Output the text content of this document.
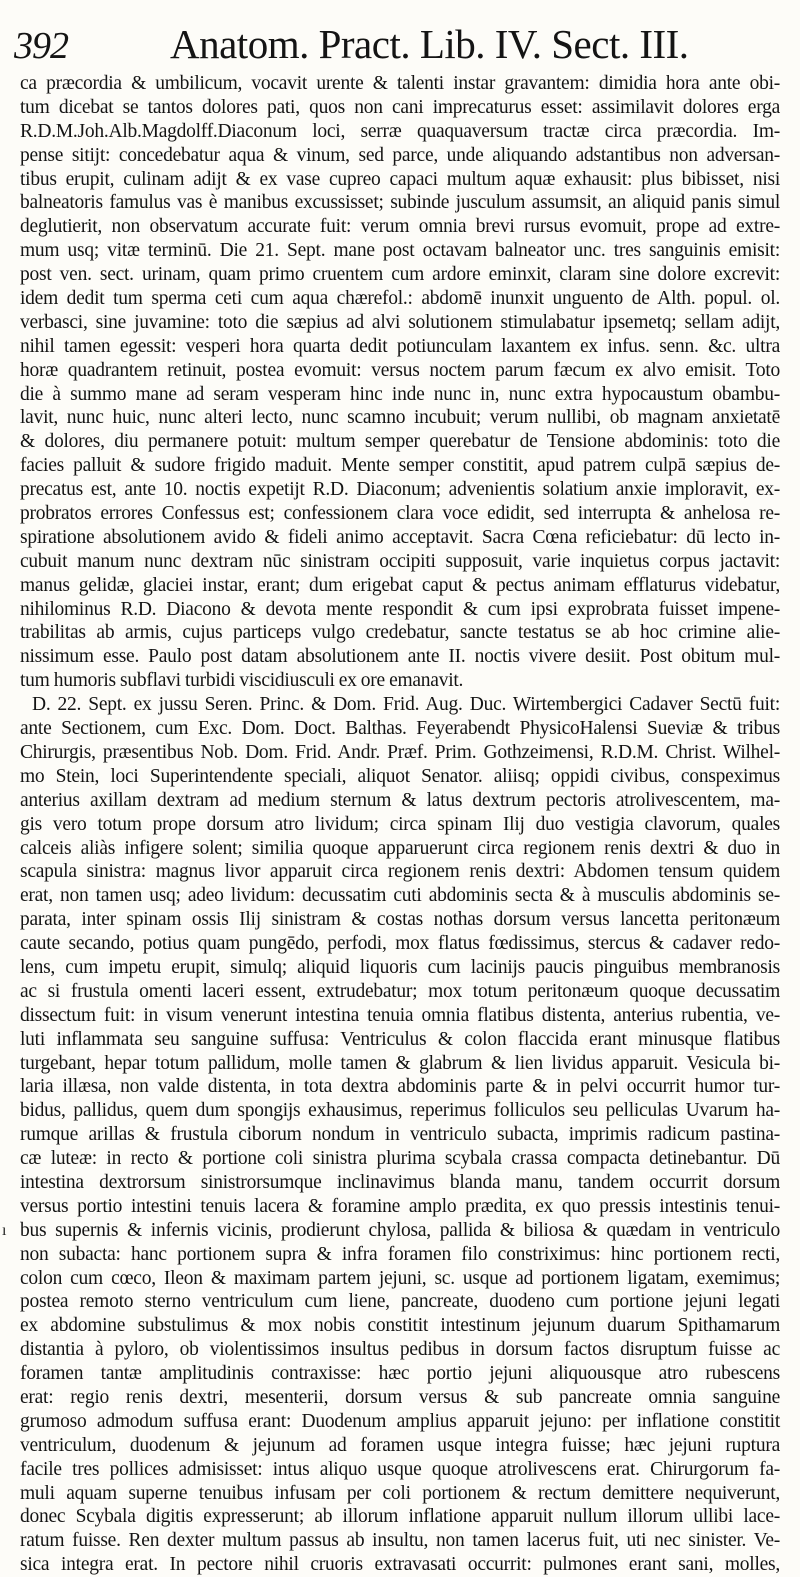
392 Anatom. Pract. Lib. IV. Sect. III.
ca præcordia & umbilicum, vocavit urente & talenti instar gravantem: dimidia hora ante obi-
tum dicebat se tantos dolores pati, quos non cani imprecaturus esset: assimilavit dolores erga
R.D.M.Joh.Alb.Magdolff.Diaconum loci, serræ quaquaversum tractæ circa præcordia. Im-
pense sitijt: concedebatur aqua & vinum, sed parce, unde aliquando adstantibus non adversan-
tibus erupit, culinam adijt & ex vase cupreo capaci multum aquæ exhausit: plus bibisset, nisi
balneatoris famulus vas è manibus excussisset; subinde jusculum assumsit, an aliquid panis simul
deglutierit, non observatum accurate fuit: verum omnia brevi rursus evomuit, prope ad extre-
mum usq; vitæ terminū. Die 21. Sept. mane post octavam balneator unc. tres sanguinis emisit:
post ven. sect. urinam, quam primo cruentem cum ardore eminxit, claram sine dolore excrevit:
idem dedit tum sperma ceti cum aqua chærefol.: abdomē inunxit unguento de Alth. popul. ol.
verbasci, sine juvamine: toto die sæpius ad alvi solutionem stimulabatur ipsemetq; sellam adijt,
nihil tamen egessit: vesperi hora quarta dedit potiunculam laxantem ex infus. senn. &c. ultra
horæ quadrantem retinuit, postea evomuit: versus noctem parum fæcum ex alvo emisit. Toto
die à summo mane ad seram vesperam hinc inde nunc in, nunc extra hypocaustum obambu-
lavit, nunc huic, nunc alteri lecto, nunc scamno incubuit; verum nullibi, ob magnam anxietatē
& dolores, diu permanere potuit: multum semper querebatur de Tensione abdominis: toto die
facies palluit & sudore frigido maduit. Mente semper constitit, apud patrem culpā sæpius de-
precatus est, ante 10. noctis expetijt R.D. Diaconum; advenientis solatium anxie imploravit, ex-
probratos errores Confessus est; confessionem clara voce edidit, sed interrupta & anhelosa re-
spiratione absolutionem avido & fideli animo acceptavit. Sacra Cœna reficiebatur: dū lecto in-
cubuit manum nunc dextram nūc sinistram occipiti supposuit, varie inquietus corpus jactavit:
manus gelidæ, glaciei instar, erant; dum erigebat caput & pectus animam efflaturus videbatur,
nihilominus R.D. Diacono & devota mente respondit & cum ipsi exprobrata fuisset impene-
trabilitas ab armis, cujus particeps vulgo credebatur, sancte testatus se ab hoc crimine alie-
nissimum esse. Paulo post datam absolutionem ante II. noctis vivere desiit. Post obitum mul-
tum humoris subflavi turbidi viscidiusculi ex ore emanavit.
D. 22. Sept. ex jussu Seren. Princ. & Dom. Frid. Aug. Duc. Wirtembergici Cadaver Sectū fuit:
ante Sectionem, cum Exc. Dom. Doct. Balthas. Feyerabendt PhysicoHalensi Sueviæ & tribus
Chirurgis, præsentibus Nob. Dom. Frid. Andr. Præf. Prim. Gothzeimensi, R.D.M. Christ. Wilhel-
mo Stein, loci Superintendente speciali, aliquot Senator. aliisq; oppidi civibus, conspeximus
anterius axillam dextram ad medium sternum & latus dextrum pectoris atrolivescentem, ma-
gis vero totum prope dorsum atro lividum; circa spinam Ilij duo vestigia clavorum, quales
calceis aliàs infigere solent; similia quoque apparuerunt circa regionem renis dextri & duo in
scapula sinistra: magnus livor apparuit circa regionem renis dextri: Abdomen tensum quidem
erat, non tamen usq; adeo lividum: decussatim cuti abdominis secta & à musculis abdominis se-
parata, inter spinam ossis Ilij sinistram & costas nothas dorsum versus lancetta peritonæum
caute secando, potius quam pungēdo, perfodi, mox flatus fœdissimus, stercus & cadaver redo-
lens, cum impetu erupit, simulq; aliquid liquoris cum lacinijs paucis pinguibus membranosis
ac si frustula omenti laceri essent, extrudebatur; mox totum peritonæum quoque decussatim
dissectum fuit: in visum venerunt intestina tenuia omnia flatibus distenta, anterius rubentia, ve-
luti inflammata seu sanguine suffusa: Ventriculus & colon flaccida erant minusque flatibus
turgebant, hepar totum pallidum, molle tamen & glabrum & lien lividus apparuit. Vesicula bi-
laria illæsa, non valde distenta, in tota dextra abdominis parte & in pelvi occurrit humor tur-
bidus, pallidus, quem dum spongijs exhausimus, reperimus folliculos seu pelliculas Uvarum ha-
rumque arillas & frustula ciborum nondum in ventriculo subacta, imprimis radicum pastina-
cæ luteæ: in recto & portione coli sinistra plurima scybala crassa compacta detinebantur. Dū
intestina dextrorsum sinistrorsumque inclinavimus blanda manu, tandem occurrit dorsum
versus portio intestini tenuis lacera & foramine amplo prædita, ex quo pressis intestinis tenui-
bus supernis & infernis vicinis, prodierunt chylosa, pallida & biliosa & quædam in ventriculo
non subacta: hanc portionem supra & infra foramen filo constriximus: hinc portionem recti,
colon cum cœco, Ileon & maximam partem jejuni, sc. usque ad portionem ligatam, exemimus;
postea remoto sterno ventriculum cum liene, pancreate, duodeno cum portione jejuni legati
ex abdomine substulimus & mox nobis constitit intestinum jejunum duarum Spithamarum
distantia à pyloro, ob violentissimos insultus pedibus in dorsum factos disruptum fuisse ac
foramen tantæ amplitudinis contraxisse: hæc portio jejuni aliquousque atro rubescens
erat: regio renis dextri, mesenterii, dorsum versus & sub pancreate omnia sanguine
grumoso admodum suffusa erant: Duodenum amplius apparuit jejuno: per inflatione constitit
ventriculum, duodenum & jejunum ad foramen usque integra fuisse; hæc jejuni ruptura
facile tres pollices admisisset: intus aliquo usque quoque atrolivescens erat. Chirurgorum fa-
muli aquam superne tenuibus infusam per coli portionem & rectum demittere nequiverunt,
donec Scybala digitis expresserunt; ab illorum inflatione apparuit nullum illorum ullibi lace-
ratum fuisse. Ren dexter multum passus ab insultu, non tamen lacerus fuit, uti nec sinister. Ve-
sica integra erat. In pectore nihil cruoris extravasati occurrit: pulmones erant sani, molles,
ı
